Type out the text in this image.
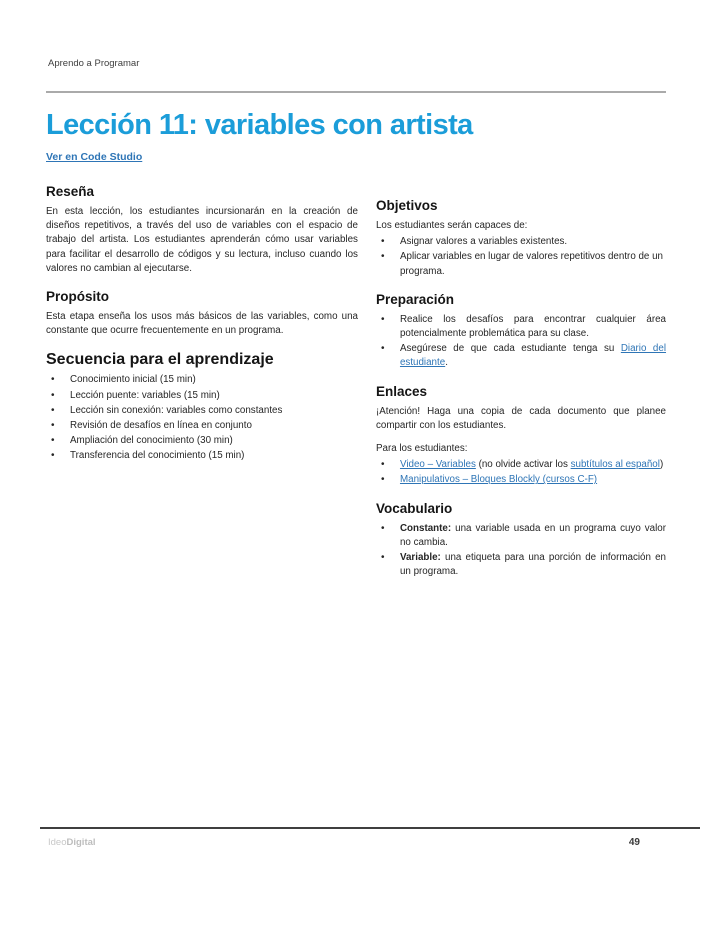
Aprendo a Programar
Lección 11: variables con artista
Ver en Code Studio
Reseña

En esta lección, los estudiantes incursionarán en la creación de diseños repetitivos, a través del uso de variables con el espacio de trabajo del artista. Los estudiantes aprenderán cómo usar variables para facilitar el desarrollo de códigos y su lectura, incluso cuando los valores no cambian al ejecutarse.

Propósito

Esta etapa enseña los usos más básicos de las variables, como una constante que ocurre frecuentemente en un programa.

Secuencia para el aprendizaje
• Conocimiento inicial (15 min)
• Lección puente: variables (15 min)
• Lección sin conexión: variables como constantes
• Revisión de desafíos en línea en conjunto
• Ampliación del conocimiento (30 min)
• Transferencia del conocimiento (15 min)
Objetivos

Los estudiantes serán capaces de:

• Asignar valores a variables existentes.
• Aplicar variables en lugar de valores repetitivos dentro de un programa.
Preparación
• Realice los desafíos para encontrar cualquier área potencialmente problemática para su clase.
• Asegúrese de que cada estudiante tenga su Diario del estudiante.
Enlaces

¡Atención! Haga una copia de cada documento que planee compartir con los estudiantes.

Para los estudiantes:

• Video – Variables (no olvide activar los subtítulos al español)
• Manipulativos – Bloques Blockly (cursos C-F)
Vocabulario
• Constante: una variable usada en un programa cuyo valor no cambia.
• Variable: una etiqueta para una porción de información en un programa.
IdeoDigital	49
